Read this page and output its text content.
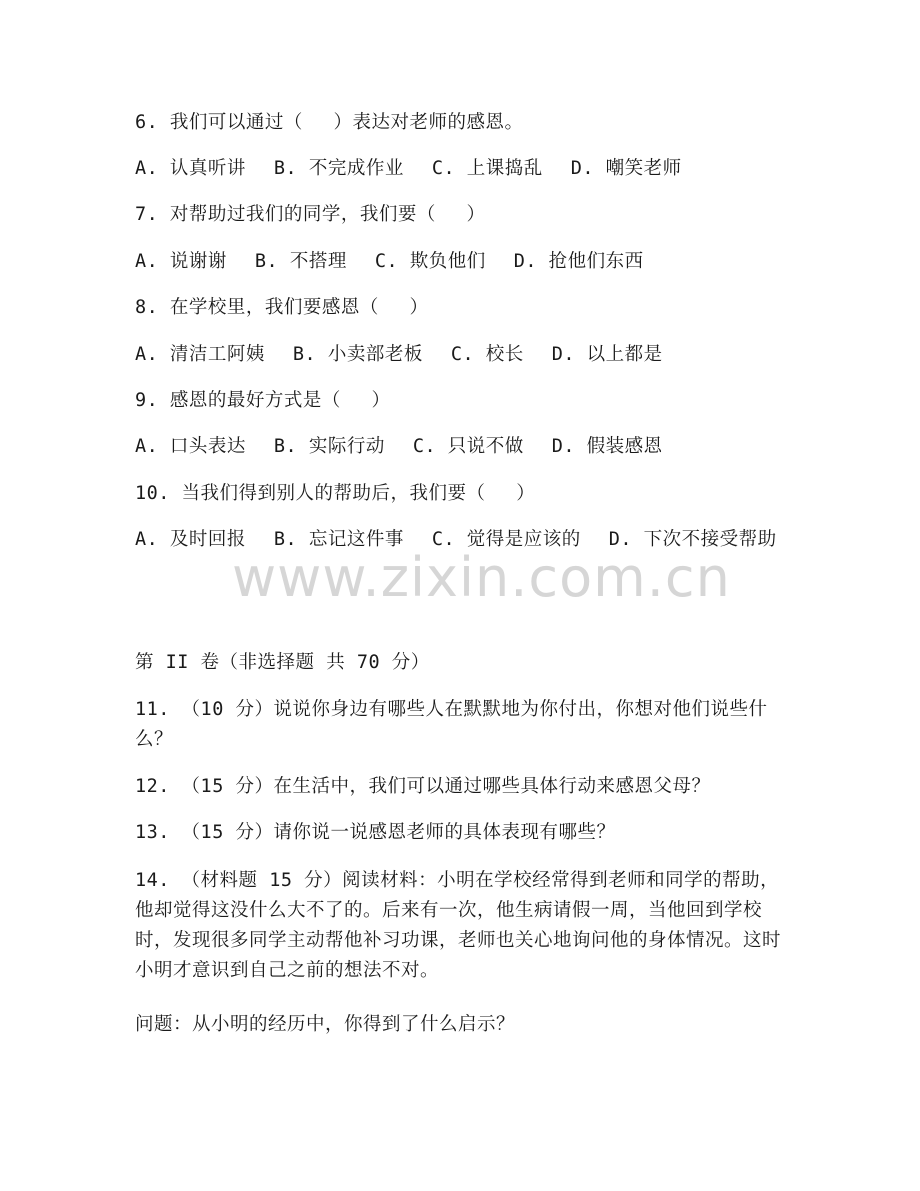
6. 我们可以通过（　 ）表达对老师的感恩。
A. 认真听讲 B. 不完成作业 C. 上课捣乱 D. 嘲笑老师
7. 对帮助过我们的同学，我们要（　 ）
A. 说谢谢 B. 不搭理 C. 欺负他们 D. 抢他们东西
8. 在学校里，我们要感恩（　 ）
A. 清洁工阿姨 B. 小卖部老板 C. 校长 D. 以上都是
9. 感恩的最好方式是（　 ）
A. 口头表达 B. 实际行动 C. 只说不做 D. 假装感恩
10. 当我们得到别人的帮助后，我们要（　 ）
A. 及时回报 B. 忘记这件事 C. 觉得是应该的 D. 下次不接受帮助
www.zixin.com.cn
第 II 卷（非选择题 共 70 分）
11. （10 分）说说你身边有哪些人在默默地为你付出，你想对他们说些什么？
12. （15 分）在生活中，我们可以通过哪些具体行动来感恩父母？
13. （15 分）请你说一说感恩老师的具体表现有哪些？
14. （材料题 15 分）阅读材料：小明在学校经常得到老师和同学的帮助，他却觉得这没什么大不了的。后来有一次，他生病请假一周，当他回到学校时，发现很多同学主动帮他补习功课，老师也关心地询问他的身体情况。这时小明才意识到自己之前的想法不对。
问题：从小明的经历中，你得到了什么启示？
